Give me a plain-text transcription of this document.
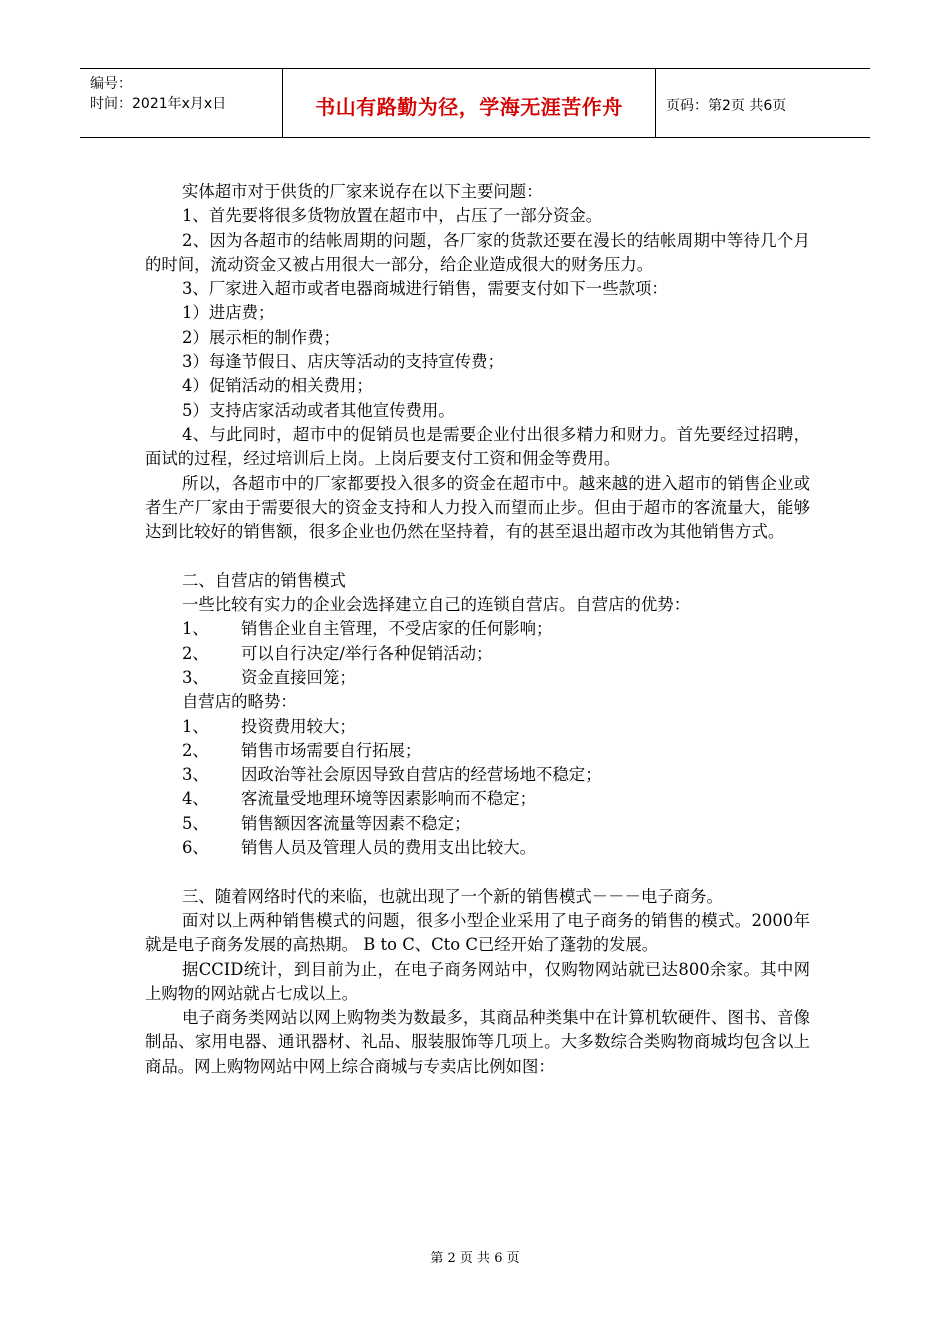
编号：
时间：2021年x月x日	书山有路勤为径，学海无涯苦作舟	页码：第2页 共6页

实体超市对于供货的厂家来说存在以下主要问题：

1、首先要将很多货物放置在超市中，占压了一部分资金。

2、因为各超市的结帐周期的问题，各厂家的货款还要在漫长的结帐周期中等待几个月的时间，流动资金又被占用很大一部分，给企业造成很大的财务压力。

3、厂家进入超市或者电器商城进行销售，需要支付如下一些款项：

1）进店费；

2）展示柜的制作费；

3）每逢节假日、店庆等活动的支持宣传费；

4）促销活动的相关费用；

5）支持店家活动或者其他宣传费用。

4、与此同时，超市中的促销员也是需要企业付出很多精力和财力。首先要经过招聘，面试的过程，经过培训后上岗。上岗后要支付工资和佣金等费用。

所以，各超市中的厂家都要投入很多的资金在超市中。越来越的进入超市的销售企业或者生产厂家由于需要很大的资金支持和人力投入而望而止步。但由于超市的客流量大，能够达到比较好的销售额，很多企业也仍然在坚持着，有的甚至退出超市改为其他销售方式。

二、自营店的销售模式

一些比较有实力的企业会选择建立自己的连锁自营店。自营店的优势：

1、 销售企业自主管理，不受店家的任何影响；

2、 可以自行决定/举行各种促销活动；

3、 资金直接回笼；

自营店的略势：

1、 投资费用较大；

2、 销售市场需要自行拓展；

3、 因政治等社会原因导致自营店的经营场地不稳定；

4、 客流量受地理环境等因素影响而不稳定；

5、 销售额因客流量等因素不稳定；

6、 销售人员及管理人员的费用支出比较大。

三、随着网络时代的来临，也就出现了一个新的销售模式－－－电子商务。

面对以上两种销售模式的问题，很多小型企业采用了电子商务的销售的模式。2000年就是电子商务发展的高热期。 B to C、Cto C已经开始了蓬勃的发展。

据CCID统计，到目前为止，在电子商务网站中，仅购物网站就已达800余家。其中网上购物的网站就占七成以上。

电子商务类网站以网上购物类为数最多，其商品种类集中在计算机软硬件、图书、音像制品、家用电器、通讯器材、礼品、服装服饰等几项上。大多数综合类购物商城均包含以上商品。网上购物网站中网上综合商城与专卖店比例如图：

第 2 页 共 6 页
